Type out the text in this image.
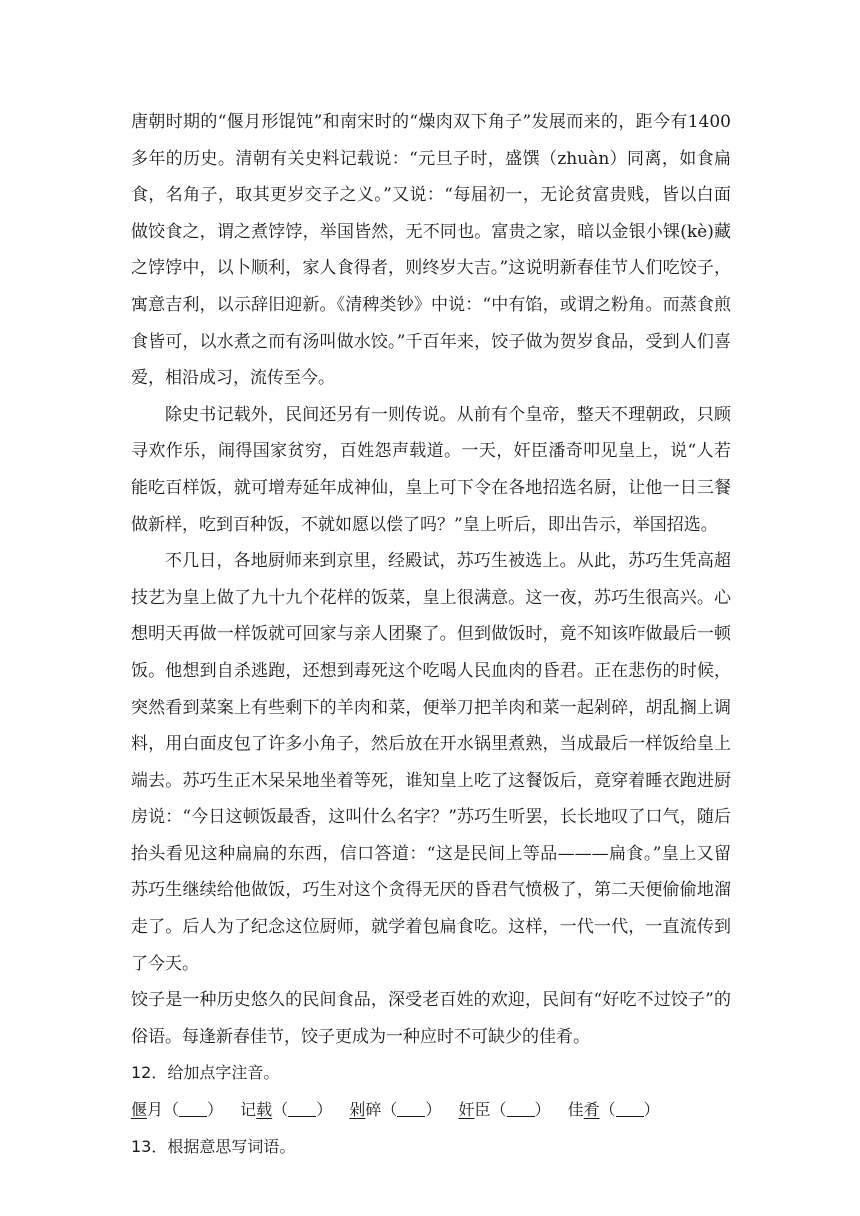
唐朝时期的“偃月形馄饨”和南宋时的“燥肉双下角子”发展而来的，距今有1400多年的历史。清朝有关史料记载说：“元旦子时，盛馔（zhuàn）同离，如食扁食，名角子，取其更岁交子之义。”又说：“每届初一，无论贫富贵贱，皆以白面做饺食之，谓之煮饽饽，举国皆然，无不同也。富贵之家，暗以金银小锞(kè)藏之饽饽中，以卜顺利，家人食得者，则终岁大吉。”这说明新春佳节人们吃饺子，寓意吉利，以示辞旧迎新。《清稗类钞》中说：“中有馅，或谓之粉角。而蒸食煎食皆可，以水煮之而有汤叫做水饺。”千百年来，饺子做为贺岁食品，受到人们喜爱，相沿成习，流传至今。

除史书记载外，民间还另有一则传说。从前有个皇帝，整天不理朝政，只顾寻欢作乐，闹得国家贫穷，百姓怨声载道。一天，奸臣潘奇叩见皇上，说“人若能吃百样饭，就可增寿延年成神仙，皇上可下令在各地招选名厨，让他一日三餐做新样，吃到百种饭，不就如愿以偿了吗？”皇上听后，即出告示，举国招选。

不几日，各地厨师来到京里，经殿试，苏巧生被选上。从此，苏巧生凭高超技艺为皇上做了九十九个花样的饭菜，皇上很满意。这一夜，苏巧生很高兴。心想明天再做一样饭就可回家与亲人团聚了。但到做饭时，竟不知该咋做最后一顿饭。他想到自杀逃跑，还想到毒死这个吃喝人民血肉的昏君。正在悲伤的时候，突然看到菜案上有些剩下的羊肉和菜，便举刀把羊肉和菜一起剁碎，胡乱搁上调料，用白面皮包了许多小角子，然后放在开水锅里煮熟，当成最后一样饭给皇上端去。苏巧生正木呆呆地坐着等死，谁知皇上吃了这餐饭后，竟穿着睡衣跑进厨房说：“今日这顿饭最香，这叫什么名字？”苏巧生听罢，长长地叹了口气，随后抬头看见这种扁扁的东西，信口答道：“这是民间上等品———扁食。”皇上又留苏巧生继续给他做饭，巧生对这个贪得无厌的昏君气愤极了，第二天便偷偷地溜走了。后人为了纪念这位厨师，就学着包扁食吃。这样，一代一代，一直流传到了今天。

饺子是一种历史悠久的民间食品，深受老百姓的欢迎，民间有“好吃不过饺子”的俗语。每逢新春佳节，饺子更成为一种应时不可缺少的佳肴。

12．给加点字注音。
偃月（ ） 记载（ ） 剁碎（ ） 奸臣（ ） 佳肴（ ）
13．根据意思写词语。
